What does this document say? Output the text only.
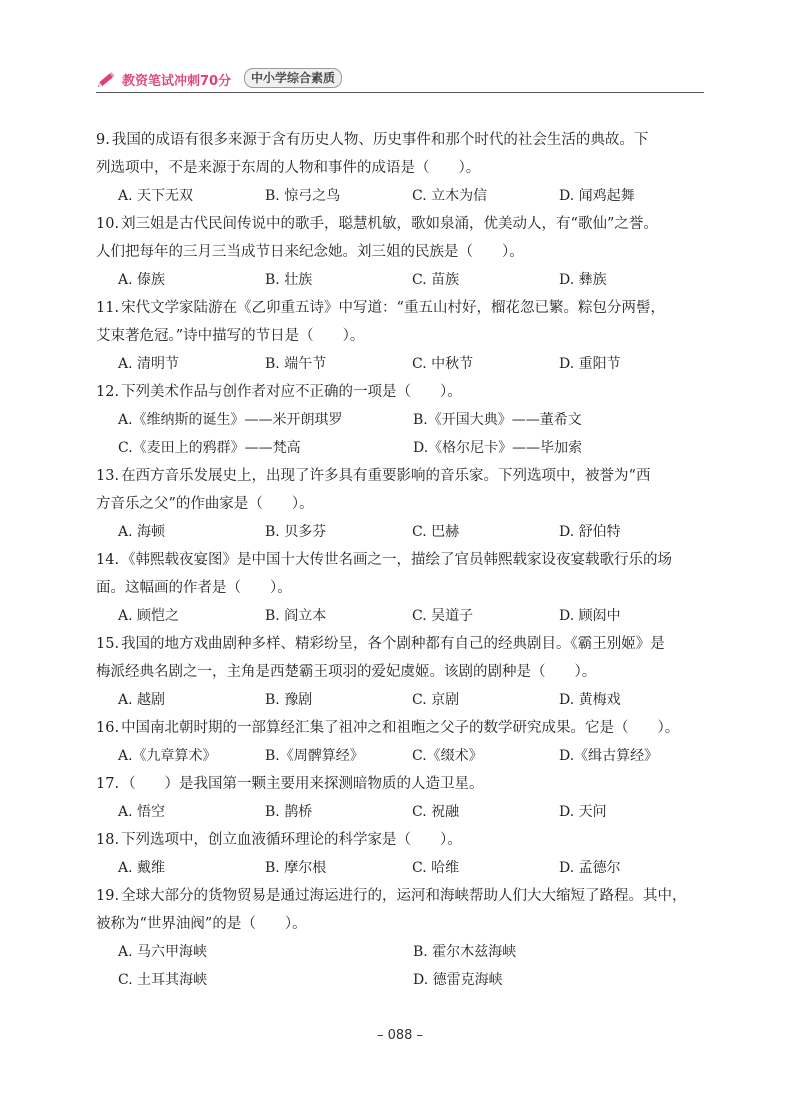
教资笔试冲刺70分	中小学综合素质
9. 我国的成语有很多来源于含有历史人物、历史事件和那个时代的社会生活的典故。下
列选项中，不是来源于东周的人物和事件的成语是（　　）。
A. 天下无双	B. 惊弓之鸟	C. 立木为信	D. 闻鸡起舞
10. 刘三姐是古代民间传说中的歌手，聪慧机敏，歌如泉涌，优美动人，有“歌仙”之誉。
人们把每年的三月三当成节日来纪念她。刘三姐的民族是（　　）。
A. 傣族	B. 壮族	C. 苗族	D. 彝族
11. 宋代文学家陆游在《乙卯重五诗》中写道：“重五山村好，榴花忽已繁。粽包分两髻，
艾束著危冠。”诗中描写的节日是（　　）。
A. 清明节	B. 端午节	C. 中秋节	D. 重阳节
12. 下列美术作品与创作者对应不正确的一项是（　　）。
A.《维纳斯的诞生》——米开朗琪罗	B.《开国大典》——董希文
C.《麦田上的鸦群》——梵高	D.《格尔尼卡》——毕加索
13. 在西方音乐发展史上，出现了许多具有重要影响的音乐家。下列选项中，被誉为“西
方音乐之父”的作曲家是（　　）。
A. 海顿	B. 贝多芬	C. 巴赫	D. 舒伯特
14. 《韩熙载夜宴图》是中国十大传世名画之一，描绘了官员韩熙载家设夜宴载歌行乐的场
面。这幅画的作者是（　　）。
A. 顾恺之	B. 阎立本	C. 吴道子	D. 顾闳中
15. 我国的地方戏曲剧种多样、精彩纷呈，各个剧种都有自己的经典剧目。《霸王别姬》是
梅派经典名剧之一，主角是西楚霸王项羽的爱妃虞姬。该剧的剧种是（　　）。
A. 越剧	B. 豫剧	C. 京剧	D. 黄梅戏
16. 中国南北朝时期的一部算经汇集了祖冲之和祖暅之父子的数学研究成果。它是（　　）。
A.《九章算术》	B.《周髀算经》	C.《缀术》	D.《缉古算经》
17. （　　）是我国第一颗主要用来探测暗物质的人造卫星。
A. 悟空	B. 鹊桥	C. 祝融	D. 天问
18. 下列选项中，创立血液循环理论的科学家是（　　）。
A. 戴维	B. 摩尔根	C. 哈维	D. 孟德尔
19. 全球大部分的货物贸易是通过海运进行的，运河和海峡帮助人们大大缩短了路程。其中，
被称为“世界油阀”的是（　　）。
A. 马六甲海峡	B. 霍尔木兹海峡
C. 土耳其海峡	D. 德雷克海峡
– 088 –
